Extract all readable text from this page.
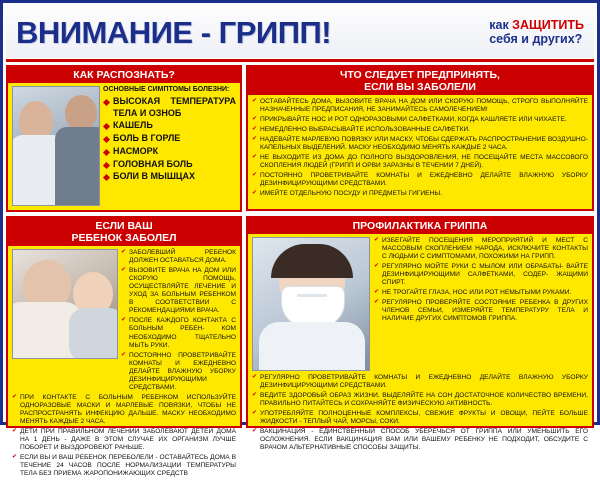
ВНИМАНИЕ - ГРИПП!	как ЗАЩИТИТЬ
себя и других?
КАК РАСПОЗНАТЬ?
ОСНОВНЫЕ СИМПТОМЫ БОЛЕЗНИ:
ВЫСОКАЯ ТЕМПЕРАТУРА ТЕЛА И ОЗНОБ
КАШЕЛЬ
БОЛЬ В ГОРЛЕ
НАСМОРК
ГОЛОВНАЯ БОЛЬ
БОЛИ В МЫШЦАХ
ЧТО СЛЕДУЕТ ПРЕДПРИНЯТЬ,
ЕСЛИ ВЫ ЗАБОЛЕЛИ
✔ ОСТАВАЙТЕСЬ ДОМА, ВЫЗОВИТЕ ВРАЧА НА ДОМ ИЛИ СКОРУЮ ПОМОЩЬ, СТРОГО ВЫПОЛНЯЙТЕ НАЗНАЧЕННЫЕ ПРЕДПИСАНИЯ, НЕ ЗАНИМАЙТЕСЬ САМОЛЕЧЕНИЕМ!
✔ ПРИКРЫВАЙТЕ НОС И РОТ ОДНОРАЗОВЫМИ САЛФЕТКАМИ, КОГДА КАШЛЯЕТЕ ИЛИ ЧИХАЕТЕ.
✔ НЕМЕДЛЕННО ВЫБРАСЫВАЙТЕ ИСПОЛЬЗОВАННЫЕ САЛФЕТКИ.
✔ НАДЕВАЙТЕ МАРЛЕВУЮ ПОВЯЗКУ ИЛИ МАСКУ, ЧТОБЫ СДЕРЖАТЬ РАСПРОСТРАНЕНИЕ ВОЗДУШНО-КАПЕЛЬНЫХ ВЫДЕЛЕНИЙ. МАСКУ НЕОБХОДИМО МЕНЯТЬ КАЖДЫЕ 2 ЧАСА.
✔ НЕ ВЫХОДИТЕ ИЗ ДОМА ДО ПОЛНОГО ВЫЗДОРОВЛЕНИЯ, НЕ ПОСЕЩАЙТЕ МЕСТА МАССОВОГО СКОПЛЕНИЯ ЛЮДЕЙ (ГРИПП И ОРВИ ЗАРАЗНЫ В ТЕЧЕНИИ 7 ДНЕЙ).
✔ ПОСТОЯННО ПРОВЕТРИВАЙТЕ КОМНАТЫ И ЕЖЕДНЕВНО ДЕЛАЙТЕ ВЛАЖНУЮ УБОРКУ ДЕЗИНФИЦИРУЮЩИМИ СРЕДСТВАМИ.
✔ ИМЕЙТЕ ОТДЕЛЬНУЮ ПОСУДУ И ПРЕДМЕТЫ ГИГИЕНЫ.
ЕСЛИ ВАШ
РЕБЕНОК ЗАБОЛЕЛ
✔ ЗАБОЛЕВШИЙ РЕБЕНОК ДОЛЖЕН ОСТАВАТЬСЯ ДОМА.
✔ ВЫЗОВИТЕ ВРАЧА НА ДОМ ИЛИ СКОРУЮ ПОМОЩЬ, ОСУЩЕСТВЛЯЙТЕ ЛЕЧЕНИЕ И УХОД ЗА БОЛЬНЫМ РЕБЕНКОМ В СООТВЕТСТВИИ С РЕКОМЕНДАЦИЯМИ ВРАЧА.
✔ ПОСЛЕ КАЖДОГО КОНТАКТА С БОЛЬНЫМ РЕБЕН- КОМ НЕОБХОДИМО ТЩАТЕЛЬНО МЫТЬ РУКИ.
✔ ПОСТОЯННО ПРОВЕТРИВАЙТЕ КОМНАТЫ И ЕЖЕДНЕВНО ДЕЛАЙТЕ ВЛАЖНУЮ УБОРКУ ДЕЗИНФИЦИРУЮЩИМИ СРЕДСТВАМИ.
✔ ПРИ КОНТАКТЕ С БОЛЬНЫМ РЕБЕНКОМ ИСПОЛЬЗУЙТЕ ОДНОРАЗОВЫЕ МАСКИ И МАРЛЕВЫЕ ПОВЯЗКИ, ЧТОБЫ НЕ РАСПРОСТРАНЯТЬ ИНФЕКЦИЮ ДАЛЬШЕ. МАСКУ НЕОБХОДИМО МЕНЯТЬ КАЖДЫЕ 2 ЧАСА.
✔ ДЕТИ ПРИ ПРАВИЛЬНОМ ЛЕЧЕНИИ ЗАБОЛЕВАЮТ ДЕТЕЙ ДОМА НА 1 ДЕНЬ - ДАЖЕ В ЭТОМ СЛУЧАЕ ИХ ОРГАНИЗМ ЛУЧШЕ ПОБОРЕТ И ВЫЗДОРОВЕЮТ РАНЬШЕ.
✔ ЕСЛИ ВЫ И ВАШ РЕБЕНОК ПЕРЕБОЛЕЛИ - ОСТАВАЙТЕСЬ ДОМА В ТЕЧЕНИЕ 24 ЧАСОВ ПОСЛЕ НОРМАЛИЗАЦИИ ТЕМПЕРАТУРЫ ТЕЛА БЕЗ ПРИЕМА ЖАРОПОНИЖАЮЩИХ СРЕДСТВ
ПРОФИЛАКТИКА ГРИППА
✔ ИЗБЕГАЙТЕ ПОСЕЩЕНИЯ МЕРОПРИЯТИЙ И МЕСТ С МАССОВЫМ СКОПЛЕНИЕМ НАРОДА, ИСКЛЮЧИТЕ КОНТАКТЫ С ЛЮДЬМИ С СИМПТОМАМИ, ПОХОЖИМИ НА ГРИПП.
✔ РЕГУЛЯРНО МОЙТЕ РУКИ С МЫЛОМ ИЛИ ОБРАБАТЫ- ВАЙТЕ ДЕЗИНФИЦИРУЮЩИМИ САЛФЕТКАМИ, СОДЕР- ЖАЩИМИ СПИРТ.
✔ НЕ ТРОГАЙТЕ ГЛАЗА, НОС ИЛИ РОТ НЕМЫТЫМИ РУКАМИ.
✔ РЕГУЛЯРНО ПРОВЕРЯЙТЕ СОСТОЯНИЕ РЕБЕНКА В ДРУГИХ ЧЛЕНОВ СЕМЬИ, ИЗМЕРЯЙТЕ ТЕМПЕРАТУРУ ТЕЛА И НАЛИЧИЕ ДРУГИХ СИМПТОМОВ ГРИППА.
✔ РЕГУЛЯРНО ПРОВЕТРИВАЙТЕ КОМНАТЫ И ЕЖЕДНЕВНО ДЕЛАЙТЕ ВЛАЖНУЮ УБОРКУ ДЕЗИНФИЦИРУЮЩИМИ СРЕДСТВАМИ.
✔ ВЕДИТЕ ЗДОРОВЫЙ ОБРАЗ ЖИЗНИ, ВЫДЕЛЯЙТЕ НА СОН ДОСТАТОЧНОЕ КОЛИЧЕСТВО ВРЕМЕНИ, ПРАВИЛЬНО ПИТАЙТЕСЬ И СОХРАНЯЙТЕ ФИЗИЧЕСКУЮ АКТИВНОСТЬ.
✔ УПОТРЕБЛЯЙТЕ ПОЛНОЦЕННЫЕ КОМПЛЕКСЫ, СВЕЖИЕ ФРУКТЫ И ОВОЩИ, ПЕЙТЕ БОЛЬШЕ ЖИДКОСТИ - ТЕПЛЫЙ ЧАЙ, МОРСЫ, СОКИ.
✔ ВАКЦИНАЦИЯ - ЕДИНСТВЕННЫЙ СПОСОБ УБЕРЕЧЬСЯ ОТ ГРИППА ИЛИ УМЕНЬШИТЬ ЕГО ОСЛОЖНЕНИЯ. ЕСЛИ ВАКЦИНАЦИЯ ВАМ ИЛИ ВАШЕМУ РЕБЕНКУ НЕ ПОДХОДИТ, ОБСУДИТЕ С ВРАЧОМ АЛЬТЕРНАТИВНЫЕ СПОСОБЫ ЗАЩИТЫ.
